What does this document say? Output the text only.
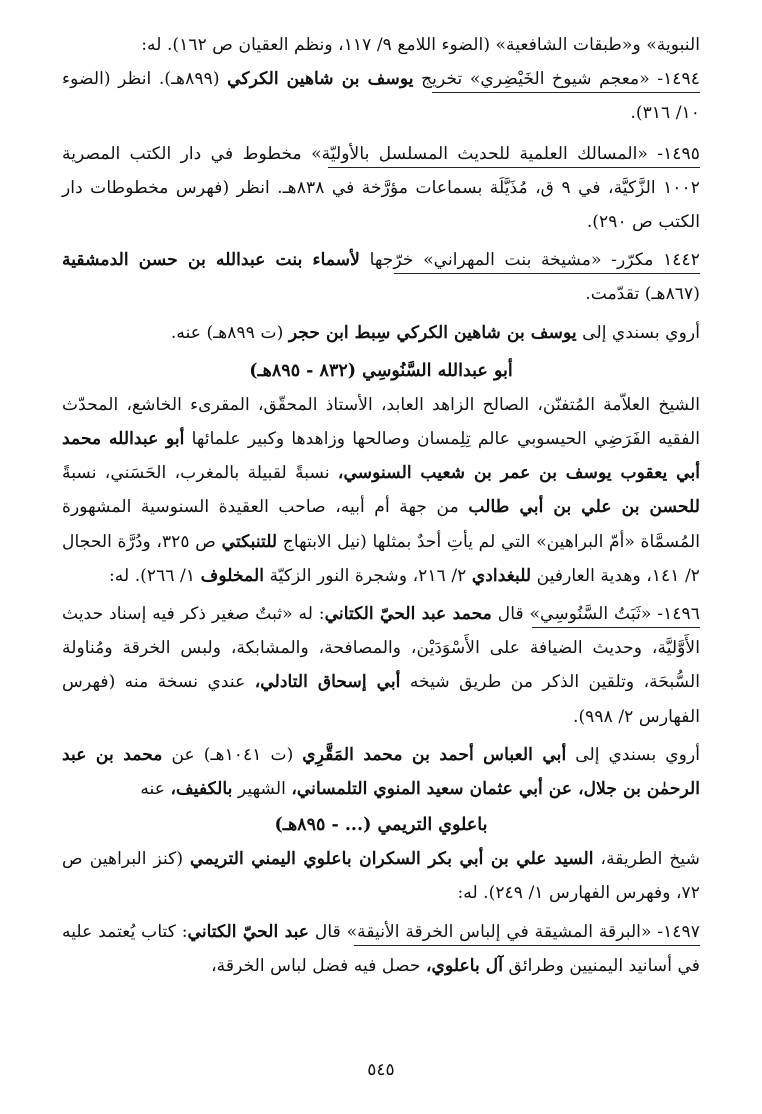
النبوية» و«طبقات الشافعية» (الضوء اللامع ٩/ ١١٧، ونظم العقيان ص ١٦٢). له:

١٤٩٤- «معجم شيوخ الخَيْضِري» تخريج يوسف بن شاهين الكركي (٨٩٩هـ). انظر (الضوء ١٠/ ٣١٦).

١٤٩٥- «المسالك العلمية للحديث المسلسل بالأوليّة» مخطوط في دار الكتب المصرية ١٠٠٢ الزَّكيَّة، في ٩ ق، مُذَيَّلَة بسماعات مؤرَّخة في ٨٣٨هـ. انظر (فهرس مخطوطات دار الكتب ص ٢٩٠).

١٤٤٢ مكرّر- «مشيخة بنت المهراني» خرّجها لأسماء بنت عبدالله بن حسن الدمشقية (٨٦٧هـ) تقدّمت.

أروي بسندي إلى يوسف بن شاهين الكركي سِبط ابن حجر (ت ٨٩٩هـ) عنه.

أبو عبدالله السَّنُوسِي (٨٣٢ - ٨٩٥هـ)

الشيخ العلاّمة المُتفنّن، الصالح الزاهد العابد، الأستاذ المحقّق، المقرىء الخاشع، المحدّث الفقيه الفَرَضِي الحيسوبي عالم تِلِمسان وصالحها وزاهدها وكبير علمائها أبو عبدالله محمد أبي يعقوب يوسف بن عمر بن شعيب السنوسي، نسبةً لقبيلة بالمغرب، الحَسَني، نسبةً للحسن بن علي بن أبي طالب من جهة أم أبيه، صاحب العقيدة السنوسية المشهورة المُسمَّاة «أمّ البراهين» التي لم يأتِ أحدٌ بمثلها (نيل الابتهاج للتنبكتي ص ٣٢٥، ودُرَّة الحجال ٢/ ١٤١، وهدية العارفين للبغدادي ٢/ ٢١٦، وشجرة النور الزكيّة المخلوف ١/ ٢٦٦). له:

١٤٩٦- «ثَبَتُ السَّنُوسِي» قال محمد عبد الحيّ الكتاني: له «ثبتٌ صغير ذكر فيه إسناد حديث الأَوَّليَّة، وحديث الضيافة على الأَسْوَدَيْن، والمصافحة، والمشابكة، ولبس الخرقة ومُناولة السُّبحَة، وتلقين الذكر من طريق شيخه أبي إسحاق التادلي، عندي نسخة منه (فهرس الفهارس ٢/ ٩٩٨).

أروي بسندي إلى أبي العباس أحمد بن محمد المَقَّرِي (ت ١٠٤١هـ) عن محمد بن عبد الرحمٰن بن جلال، عن أبي عثمان سعيد المنوي التلمساني، الشهير بالكفيف، عنه

باعلوي التريمي (... - ٨٩٥هـ)

شيخ الطريقة، السيد علي بن أبي بكر السكران باعلوي اليمني التريمي (كنز البراهين ص ٧٢، وفهرس الفهارس ١/ ٢٤٩). له:

١٤٩٧- «البرقة المشيقة في إلباس الخرقة الأنيقة» قال عبد الحيّ الكتاني: كتاب يُعتمد عليه في أسانيد اليمنيين وطرائق آل باعلوي، حصل فيه فضل لباس الخرقة،

٥٤٥
